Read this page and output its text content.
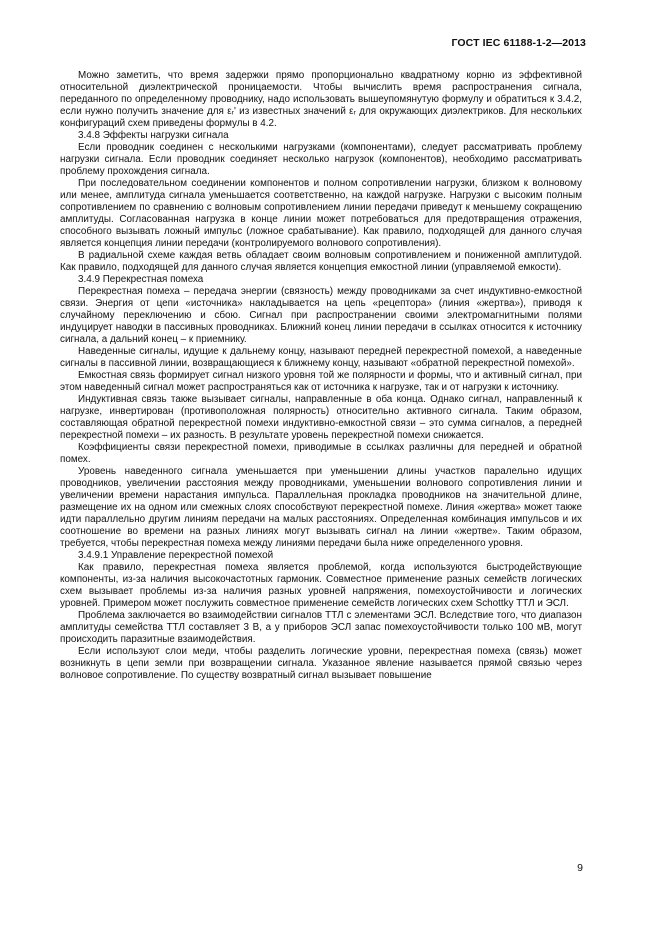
ГОСТ IEC 61188-1-2—2013

Можно заметить, что время задержки прямо пропорционально квадратному корню из эффективной относительной диэлектрической проницаемости. Чтобы вычислить время распространения сигнала, переданного по определенному проводнику, надо использовать вышеупомянутую формулу и обратиться к 3.4.2, если нужно получить значение для εᵣ' из известных значений εᵣ для окружающих диэлектриков. Для нескольких конфигураций схем приведены формулы в 4.2.

3.4.8 Эффекты нагрузки сигнала

Если проводник соединен с несколькими нагрузками (компонентами), следует рассматривать проблему нагрузки сигнала. Если проводник соединяет несколько нагрузок (компонентов), необходимо рассматривать проблему прохождения сигнала.

При последовательном соединении компонентов и полном сопротивлении нагрузки, близком к волновому или менее, амплитуда сигнала уменьшается соответственно, на каждой нагрузке. Нагрузки с высоким полным сопротивлением по сравнению с волновым сопротивлением линии передачи приведут к меньшему сокращению амплитуды. Согласованная нагрузка в конце линии может потребоваться для предотвращения отражения, способного вызывать ложный импульс (ложное срабатывание). Как правило, подходящей для данного случая является концепция линии передачи (контролируемого волнового сопротивления).

В радиальной схеме каждая ветвь обладает своим волновым сопротивлением и пониженной амплитудой. Как правило, подходящей для данного случая является концепция емкостной линии (управляемой емкости).

3.4.9 Перекрестная помеха

Перекрестная помеха – передача энергии (связность) между проводниками за счет индуктивно-емкостной связи. Энергия от цепи «источника» накладывается на цепь «рецептора» (линия «жертва»), приводя к случайному переключению и сбою. Сигнал при распространении своими электромагнитными полями индуцирует наводки в пассивных проводниках. Ближний конец линии передачи в ссылках относится к источнику сигнала, а дальний конец – к приемнику.

Наведенные сигналы, идущие к дальнему концу, называют передней перекрестной помехой, а наведенные сигналы в пассивной линии, возвращающиеся к ближнему концу, называют «обратной перекрестной помехой».

Емкостная связь формирует сигнал низкого уровня той же полярности и формы, что и активный сигнал, при этом наведенный сигнал может распространяться как от источника к нагрузке, так и от нагрузки к источнику.

Индуктивная связь также вызывает сигналы, направленные в оба конца. Однако сигнал, направленный к нагрузке, инвертирован (противоположная полярность) относительно активного сигнала. Таким образом, составляющая обратной перекрестной помехи индуктивно-емкостной связи – это сумма сигналов, а передней перекрестной помехи – их разность. В результате уровень перекрестной помехи снижается.

Коэффициенты связи перекрестной помехи, приводимые в ссылках различны для передней и обратной помех.

Уровень наведенного сигнала уменьшается при уменьшении длины участков паралельно идущих проводников, увеличении расстояния между проводниками, уменьшении волнового сопротивления линии и увеличении времени нарастания импульса. Параллельная прокладка проводников на значительной длине, размещение их на одном или смежных слоях способствуют перекрестной помехе. Линия «жертва» может также идти параллельно другим линиям передачи на малых расстояниях. Определенная комбинация импульсов и их соотношение во времени на разных линиях могут вызывать сигнал на линии «жертве». Таким образом, требуется, чтобы перекрестная помеха между линиями передачи была ниже определенного уровня.

3.4.9.1 Управление перекрестной помехой

Как правило, перекрестная помеха является проблемой, когда используются быстродействующие компоненты, из-за наличия высокочастотных гармоник. Совместное применение разных семейств логических схем вызывает проблемы из-за наличия разных уровней напряжения, помехоустойчивости и логических уровней. Примером может послужить совместное применение семейств логических схем Schottky ТТЛ и ЭСЛ.

Проблема заключается во взаимодействии сигналов ТТЛ с элементами ЭСЛ. Вследствие того, что диапазон амплитуды семейства ТТЛ составляет 3 В, а у приборов ЭСЛ запас помехоустойчивости только 100 мВ, могут происходить паразитные взаимодействия.

Если используют слои меди, чтобы разделить логические уровни, перекрестная помеха (связь) может возникнуть в цепи земли при возвращении сигнала. Указанное явление называется прямой связью через волновое сопротивление. По существу возвратный сигнал вызывает повышение

9
